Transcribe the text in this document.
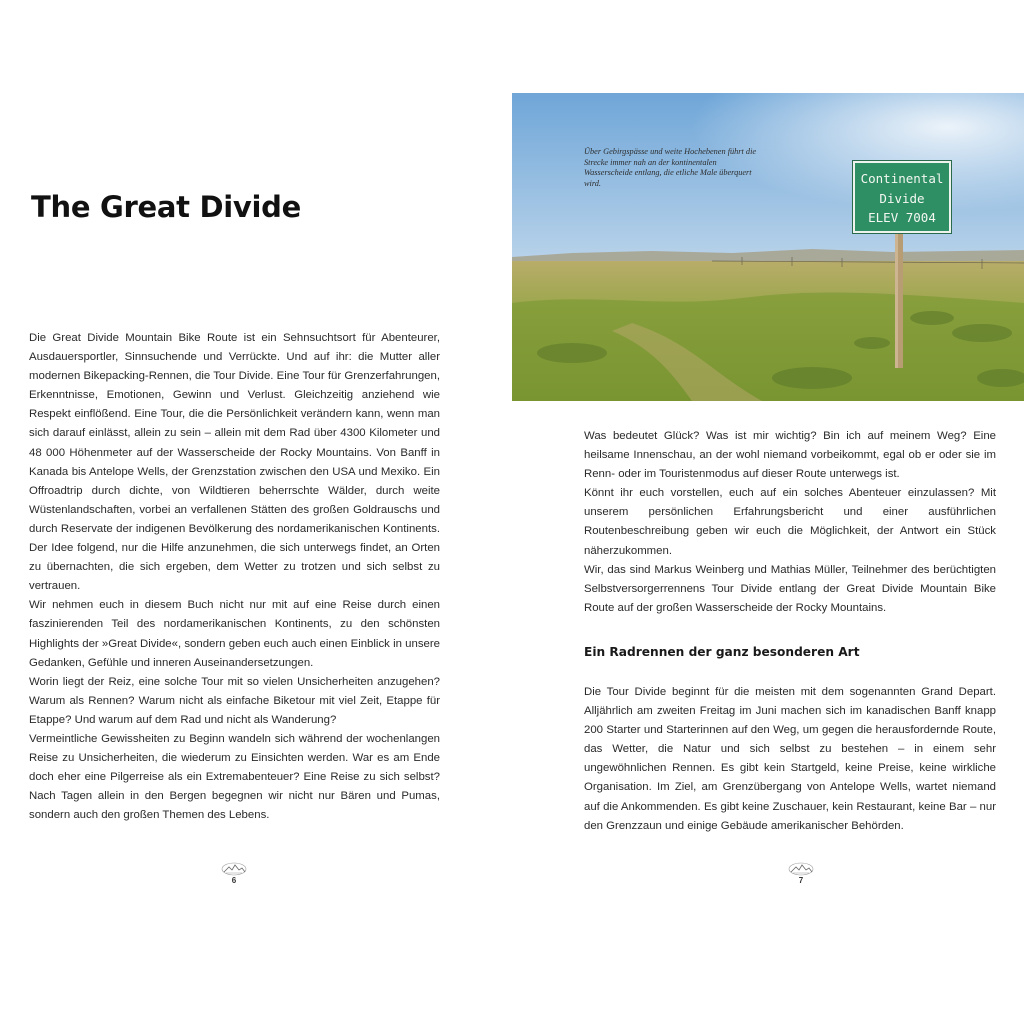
The Great Divide

Die Great Divide Mountain Bike Route ist ein Sehnsuchtsort für Abenteurer, Ausdauersportler, Sinnsuchende und Verrückte. Und auf ihr: die Mutter aller modernen Bikepacking-Rennen, die Tour Divide. Eine Tour für Grenzerfahrungen, Erkenntnisse, Emotionen, Gewinn und Verlust. Gleichzeitig anziehend wie Respekt einflößend. Eine Tour, die die Persönlichkeit verändern kann, wenn man sich darauf einlässt, allein zu sein – allein mit dem Rad über 4300 Kilometer und 48 000 Höhenmeter auf der Wasserscheide der Rocky Mountains. Von Banff in Kanada bis Antelope Wells, der Grenzstation zwischen den USA und Mexiko. Ein Offroadtrip durch dichte, von Wildtieren beherrschte Wälder, durch weite Wüstenlandschaften, vorbei an verfallenen Stätten des großen Goldrauschs und durch Reservate der indigenen Bevölkerung des nordamerikanischen Kontinents. Der Idee folgend, nur die Hilfe anzunehmen, die sich unterwegs findet, an Orten zu übernachten, die sich ergeben, dem Wetter zu trotzen und sich selbst zu vertrauen.

Wir nehmen euch in diesem Buch nicht nur mit auf eine Reise durch einen faszinierenden Teil des nordamerikanischen Kontinents, zu den schönsten Highlights der »Great Divide«, sondern geben euch auch einen Einblick in unsere Gedanken, Gefühle und inneren Auseinandersetzungen.

Worin liegt der Reiz, eine solche Tour mit so vielen Unsicherheiten anzugehen? Warum als Rennen? Warum nicht als einfache Biketour mit viel Zeit, Etappe für Etappe? Und warum auf dem Rad und nicht als Wanderung?

Vermeintliche Gewissheiten zu Beginn wandeln sich während der wochenlangen Reise zu Unsicherheiten, die wiederum zu Einsichten werden. War es am Ende doch eher eine Pilgerreise als ein Extremabenteuer? Eine Reise zu sich selbst? Nach Tagen allein in den Bergen begegnen wir nicht nur Bären und Pumas, sondern auch den großen Themen des Lebens.

6
Über Gebirgspässe und weite Hochebenen führt die Strecke immer nah an der kontinentalen Wasserscheide entlang, die etliche Male überquert wird.	Continental
Divide
ELEV 7004

Was bedeutet Glück? Was ist mir wichtig? Bin ich auf meinem Weg? Eine heilsame Innenschau, an der wohl niemand vorbeikommt, egal ob er oder sie im Renn- oder im Touristenmodus auf dieser Route unterwegs ist.

Könnt ihr euch vorstellen, euch auf ein solches Abenteuer einzulassen? Mit unserem persönlichen Erfahrungsbericht und einer ausführlichen Routenbeschreibung geben wir euch die Möglichkeit, der Antwort ein Stück näherzukommen.

Wir, das sind Markus Weinberg und Mathias Müller, Teilnehmer des berüchtigten Selbstversorgerrennens Tour Divide entlang der Great Divide Mountain Bike Route auf der großen Wasserscheide der Rocky Mountains.

Ein Radrennen der ganz besonderen Art

Die Tour Divide beginnt für die meisten mit dem sogenannten Grand Depart. Alljährlich am zweiten Freitag im Juni machen sich im kanadischen Banff knapp 200 Starter und Starterinnen auf den Weg, um gegen die herausfordernde Route, das Wetter, die Natur und sich selbst zu bestehen – in einem sehr ungewöhnlichen Rennen. Es gibt kein Startgeld, keine Preise, keine wirkliche Organisation. Im Ziel, am Grenzübergang von Antelope Wells, wartet niemand auf die Ankommenden. Es gibt keine Zuschauer, kein Restaurant, keine Bar – nur den Grenzzaun und einige Gebäude amerikanischer Behörden.

7
